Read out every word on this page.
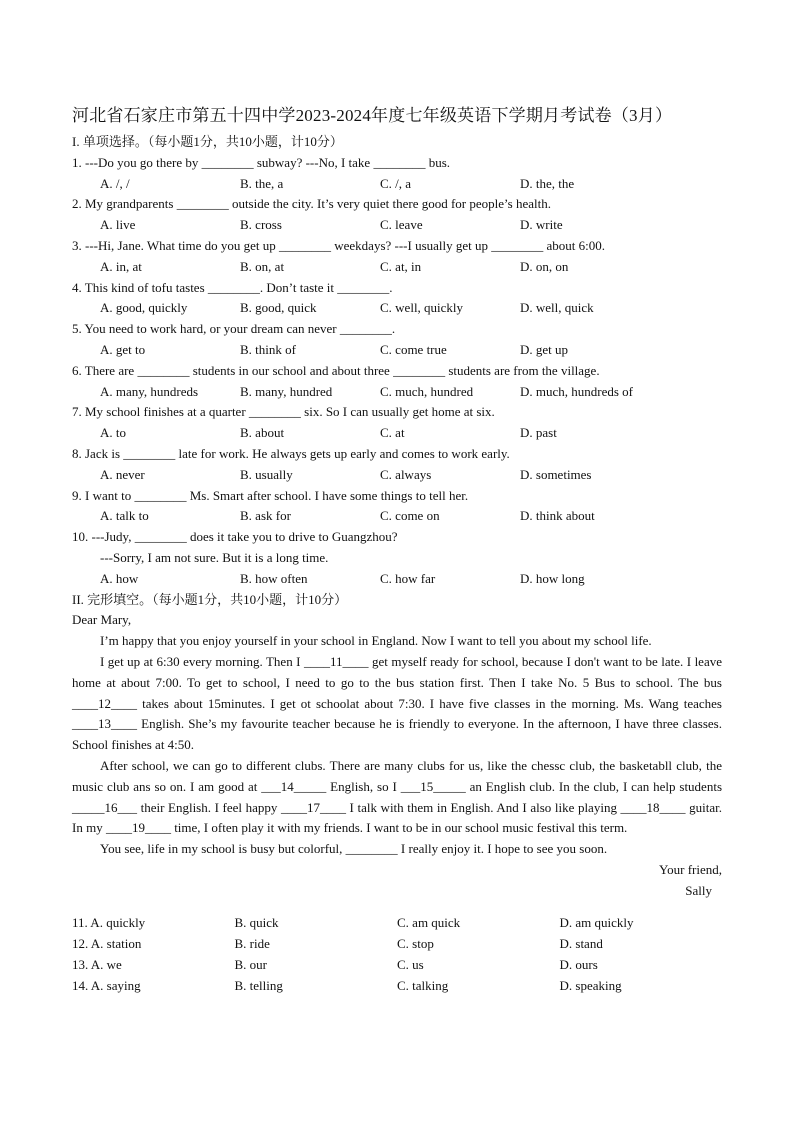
河北省石家庄市第五十四中学2023-2024年度七年级英语下学期月考试卷（3月）
I. 单项选择。（每小题1分，共10小题，计10分）
1. ---Do you go there by ________ subway? ---No, I take ________ bus.
A. /, /	B. the, a	C. /, a	D. the, the
2. My grandparents ________ outside the city. It’s very quiet there good for people’s health.
A. live	B. cross	C. leave	D. write
3. ---Hi, Jane. What time do you get up ________ weekdays? ---I usually get up ________ about 6:00.
A. in, at	B. on, at	C. at, in	D. on, on
4. This kind of tofu tastes ________. Don’t taste it ________.
A. good, quickly	B. good, quick	C. well, quickly	D. well, quick
5. You need to work hard, or your dream can never ________.
A. get to	B. think of	C. come true	D. get up
6. There are ________ students in our school and about three ________ students are from the village.
A. many, hundreds	B. many, hundred	C. much, hundred	D. much, hundreds of
7. My school finishes at a quarter ________ six. So I can usually get home at six.
A. to	B. about	C. at	D. past
8. Jack is ________ late for work. He always gets up early and comes to work early.
A. never	B. usually	C. always	D. sometimes
9. I want to ________ Ms. Smart after school. I have some things to tell her.
A. talk to	B. ask for	C. come on	D. think about
10. ---Judy, ________ does it take you to drive to Guangzhou?
---Sorry, I am not sure. But it is a long time.
A. how	B. how often	C. how far	D. how long
II. 完形填空。（每小题1分，共10小题，计10分）
Dear Mary,

I’m happy that you enjoy yourself in your school in England. Now I want to tell you about my school life.

I get up at 6:30 every morning. Then I ____11____ get myself ready for school, because I don't want to be late. I leave home at about 7:00. To get to school, I need to go to the bus station first. Then I take No. 5 Bus to school. The bus ____12____ takes about 15minutes. I get ot schoolat about 7:30. I have five classes in the morning. Ms. Wang teaches ____13____ English. She’s my favourite teacher because he is friendly to everyone. In the afternoon, I have three classes. School finishes at 4:50.

After school, we can go to different clubs. There are many clubs for us, like the chessc club, the basketabll club, the music club ans so on. I am good at ___14_____ English, so I ___15_____ an English club. In the club, I can help students _____16___ their English. I feel happy ____17____ I talk with them in English. And I also like playing ____18____ guitar. In my ____19____ time, I often play it with my friends. I want to be in our school music festival this term.

You see, life in my school is busy but colorful, ________ I really enjoy it. I hope to see you soon.

Your friend,
Sally
11. A. quickly	B. quick	C. am quick	D. am quickly
12. A. station	B. ride	C. stop	D. stand
13. A. we	B. our	C. us	D. ours
14. A. saying	B. telling	C. talking	D. speaking
